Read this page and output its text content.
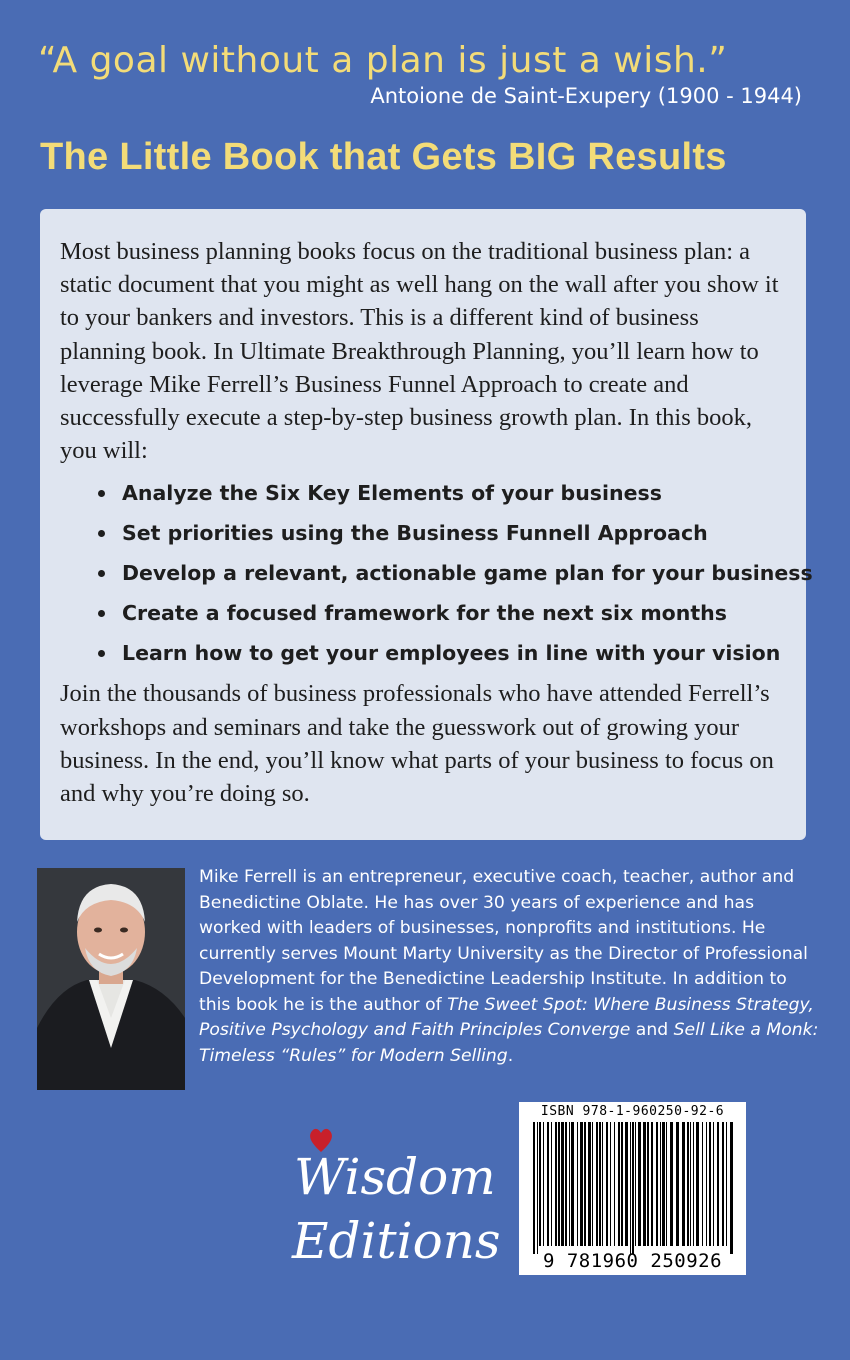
“A goal without a plan is just a wish.”
Antoione de Saint-Exupery (1900 - 1944)
The Little Book that Gets BIG Results

Most business planning books focus on the traditional business plan: a static document that you might as well hang on the wall after you show it to your bankers and investors. This is a different kind of business planning book. In Ultimate Breakthrough Planning, you’ll learn how to leverage Mike Ferrell’s Business Funnel Approach to create and successfully execute a step-by-step business growth plan. In this book, you will:

Analyze the Six Key Elements of your business
Set priorities using the Business Funnell Approach
Develop a relevant, actionable game plan for your business
Create a focused framework for the next six months
Learn how to get your employees in line with your vision

Join the thousands of business professionals who have attended Ferrell’s workshops and seminars and take the guesswork out of growing your business. In the end, you’ll know what parts of your business to focus on and why you’re doing so.

Mike Ferrell is an entrepreneur, executive coach, teacher, author and Benedictine Oblate. He has over 30 years of experience and has worked with leaders of businesses, nonprofits and institutions. He currently serves Mount Marty University as the Director of Professional Development for the Benedictine Leadership Institute. In addition to this book he is the author of The Sweet Spot: Where Business Strategy, Positive Psychology and Faith Principles Converge and Sell Like a Monk: Timeless “Rules” for Modern Selling.
Wisdom
Editions
ISBN 978-1-960250-92-6
9 781960 250926
